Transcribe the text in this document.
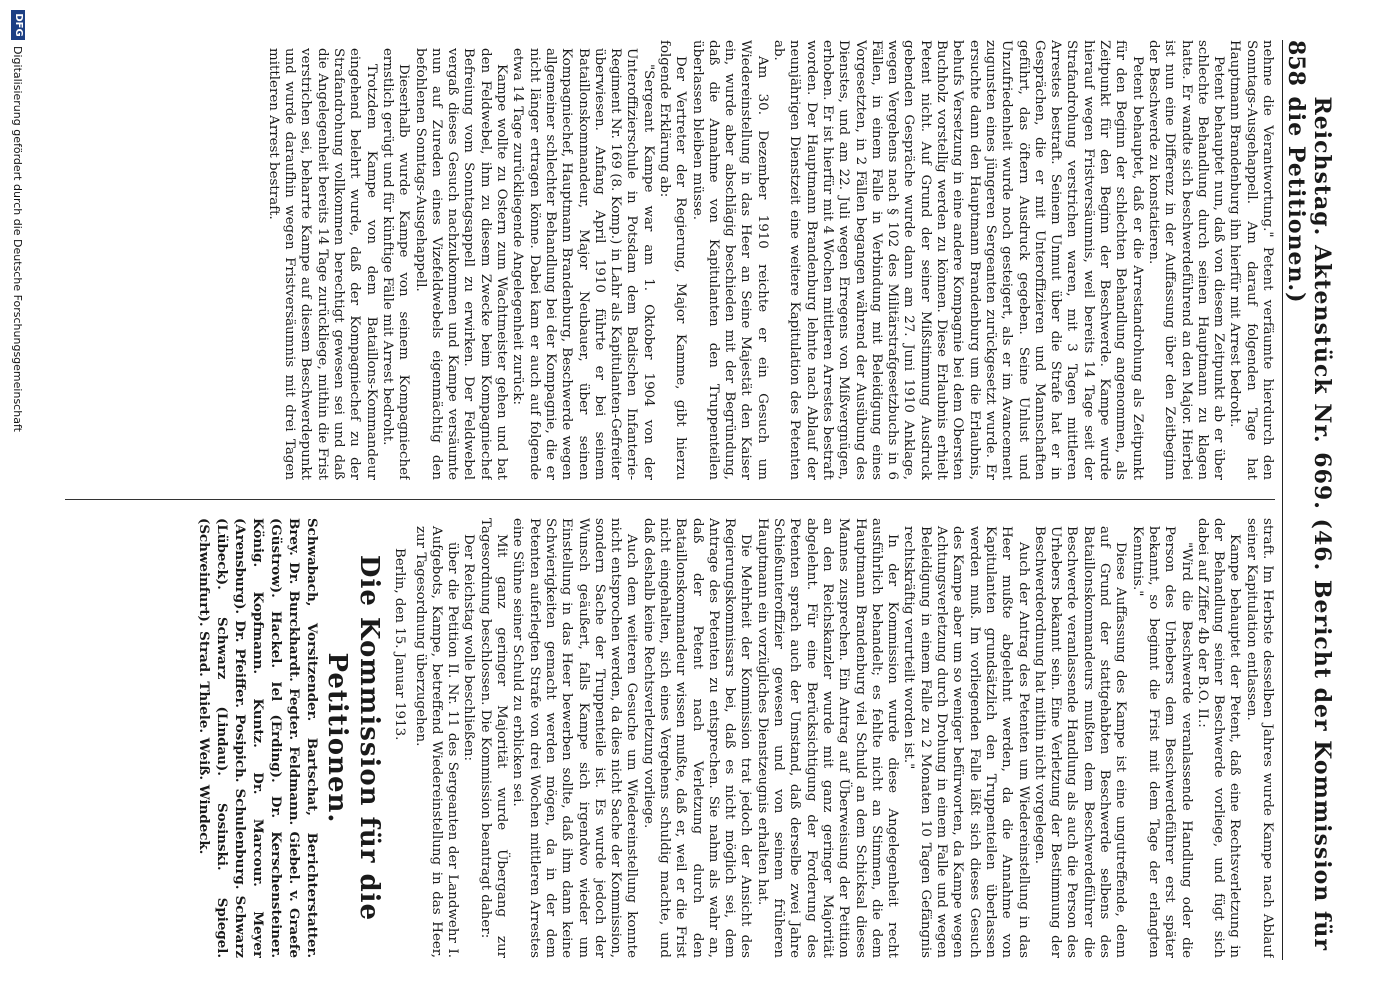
858
Reichstag. Aktenstück Nr. 669. (46. Bericht der Kommission für die Petitionen.)

nehme die Verantwortung." Petent verfäumte hierdurch den Sonntags-Ausgehappell. Am darauf folgenden Tage hat Hauptmann Brandenburg ihn hierfür mit Arrest bedroht.

Petent behauptet nun, daß von diesem Zeitpunkt ab er über schlechte Behandlung durch seinen Hauptmann zu klagen hatte. Er wandte sich beschwerdeführend an den Major. Hierbei ist nun eine Differenz in der Auffassung über den Zeitbeginn der Beschwerde zu konstatieren.

Petent behauptet, daß er die Arrestandrohung als Zeitpunkt für den Beginn der schlechten Behandlung angenommen, als Zeitpunkt für den Beginn der Beschwerde. Kampe wurde hierauf wegen Fristversäumnis, weil bereits 14 Tage seit der Strafandrohung verstrichen waren, mit 3 Tagen mittleren Arrestes bestraft. Seinem Unmut über die Strafe hat er in Gesprächen, die er mit Unteroffizieren und Mannschaften geführt, das öftern Ausdruck gegeben. Seine Unlust und Unzufriedenheit wurde noch gesteigert, als er im Avancement zugunsten eines jüngeren Sergeanten zurückgesetzt wurde. Er ersuchte dann den Hauptmann Brandenburg um die Erlaubnis, behufs Versetzung in eine andere Kompagnie bei dem Obersten Buchholz vorstellig werden zu können. Diese Erlaubnis erhielt Petent nicht. Auf Grund der seiner Mißstimmung Ausdruck gebenden Gespräche wurde dann am 27. Juni 1910 Anklage, wegen Vergehens nach § 102 des Militärstrafgesetzbuchs in 6 Fällen, in einem Falle in Verbindung mit Beleidigung eines Vorgesetzten, in 2 Fällen begangen während der Ausübung des Dienstes, und am 22. Juli wegen Erregens von Mißvergnügen, erhoben. Er ist hierfür mit 4 Wochen mittleren Arrestes bestraft worden. Der Hauptmann Brandenburg lehnte nach Ablauf der neunjährigen Dienstzeit eine weitere Kapitulation des Petenten ab.

Am 30. Dezember 1910 reichte er ein Gesuch um Wiedereinstellung in das Heer an Seine Majestät den Kaiser ein, wurde aber abschlägig beschieden mit der Begründung, daß die Annahme von Kapitulanten den Truppenteilen überlassen bleiben müsse.

Der Vertreter der Regierung, Major Kamme, gibt hierzu folgende Erklärung ab:

"Sergeant Kampe war am 1. Oktober 1904 von der Unteroffizierschule in Potsdam dem Badischen Infanterie-Regiment Nr. 169 (8. Komp.) in Lahr als Kapitulanten-Gefreiter überwiesen. Anfang April 1910 führte er bei seinem Bataillonskommandeur, Major Neubauer, über seinen Kompagniechef, Hauptmann Brandenburg, Beschwerde wegen allgemeiner schlechter Behandlung bei der Kompagnie, die er nicht länger ertragen könne. Dabei kam er auch auf folgende etwa 14 Tage zurückliegende Angelegenheit zurück:

Kampe wollte zu Ostern zum Wachtmeister gehen und bat den Feldwebel, ihm zu diesem Zwecke beim Kompagniechef Befreiung vom Sonntagsappell zu erwirken. Der Feldwebel vergaß dieses Gesuch nachzukommen und Kampe versäumte nun auf Zureden eines Vizefeldwebels eigenmächtig den befohlenen Sonntags-Ausgehappell.

Dieserhalb wurde Kampe von seinem Kompagniechef ernstlich gerügt und für künftige Fälle mit Arrest bedroht.

Trotzdem Kampe von dem Bataillons-Kommandeur eingehend belehrt wurde, daß der Kompagniechef zu der Strafandrohung vollkommen berechtigt gewesen sei und daß die Angelegenheit bereits 14 Tage zurückliege, mithin die Frist verstrichen sei, beharrte Kampe auf diesem Beschwerdepunkt und wurde daraufhin wegen Fristversäumnis mit drei Tagen mittleren Arrest bestraft.

straft. Im Herbste desselben Jahres wurde Kampe nach Ablauf seiner Kapitulation entlassen.

Kampe behauptet der Petent, daß eine Rechtsverletzung in der Behandlung seiner Beschwerde vorliege, und fügt sich dabei auf Ziffer 4b der B.O. II.:

"Wird die Beschwerde veranlassende Handlung oder die Person des Urhebers dem Beschwerdeführer erst später bekannt, so beginnt die Frist mit dem Tage der erlangten Kenntnis."

Diese Auffassung des Kampe ist eine ungutreffende, denn auf Grund der stattgehabten Beschwerde selbens des Bataillonskommandeurs mußten dem Beschwerdeführer die Beschwerde veranlassende Handlung als auch die Person des Urhebers bekannt sein. Eine Verletzung der Bestimmung der Beschwerdeordnung hat mithin nicht vorgelegen.

Auch der Antrag des Petenten um Wiedereinstellung in das Heer mußte abgelehnt werden, da die Annahme von Kapitulanten grundsätzlich den Truppenteilen überlassen werden muß. Im vorliegenden Falle läßt sich dieses Gesuch des Kampe aber um so weniger befürworten, da Kampe wegen Achtungsverletzung durch Drohung in einem Falle und wegen Beleidigung in einem Falle zu 2 Monaten 10 Tagen Gefängnis rechtskräftig verurteilt worden ist."

In der Kommission wurde diese Angelegenheit recht ausführlich behandelt; es fehlte nicht an Stimmen, die dem Hauptmann Brandenburg viel Schuld an dem Schicksal dieses Mannes zusprechen. Ein Antrag auf Überweisung der Petition an den Reichskanzler wurde mit ganz geringer Majorität abgelehnt. Für eine Berücksichtigung der Forderung des Petenten sprach auch der Umstand, daß derselbe zwei Jahre Schießunteroffizier gewesen und von seinem früheren Hauptmann ein vorzügliches Dienstzeugnis erhalten hat.

Die Mehrheit der Kommission trat jedoch der Ansicht des Regierungskommissars bei, daß es nicht möglich sei, dem Antrage des Petenten zu entsprechen. Sie nahm als wahr an, daß der Petent nach Verletzung durch den Bataillonskommandeur wissen mußte, daß er, weil er die Frist nicht eingehalten, sich eines Vergehens schuldig machte, und daß deshalb keine Rechtsverletzung vorliege.

Auch dem weiteren Gesuche um Wiedereinstellung konnte nicht entsprochen werden, da dies nicht Sache der Kommission, sondern Sache der Truppenteile ist. Es wurde jedoch der Wunsch geäußert, falls Kampe sich irgendwo wieder um Einstellung in das Heer bewerben sollte, daß ihm dann keine Schwierigkeiten gemacht werden mögen, da in der dem Petenten auferlegten Strafe von drei Wochen mittleren Arrestes eine Sühne seiner Schuld zu erblicken sei.

Mit ganz geringer Majorität wurde Übergang zur Tagesordnung beschlossen. Die Kommission beantragt daher:

Der Reichstag wolle beschließen:

über die Petition II. Nr. 11 des Sergeanten der Landwehr I. Aufgebots, Kampe, betreffend Wiedereinstellung in das Heer, zur Tagesordnung überzugehen.

Berlin, den 15. Januar 1913.

Die Kommission für die Petitionen.

Schwabach, Vorsitzender. Bartschat, Berichterstatter. Brey. Dr. Burckhardt. Fegter. Feldmann. Giebel. v. Graefe (Güstrow). Hackel. Iel (Erding). Dr. Kerschensteiner. König. Kopfmann. Kuntz. Dr. Marcour. Meyer (Arensburg). Dr. Pfeiffer. Posipich. Schulenburg. Schwarz (Lübeck). Schwarz (Lindau). Sosinski. Spiegel. (Schweinfurt). Strad. Thiele. Weiß. Windeck.

DFG
Digitalisierung gefördert durch die Deutsche Forschungsgemeinschaft
